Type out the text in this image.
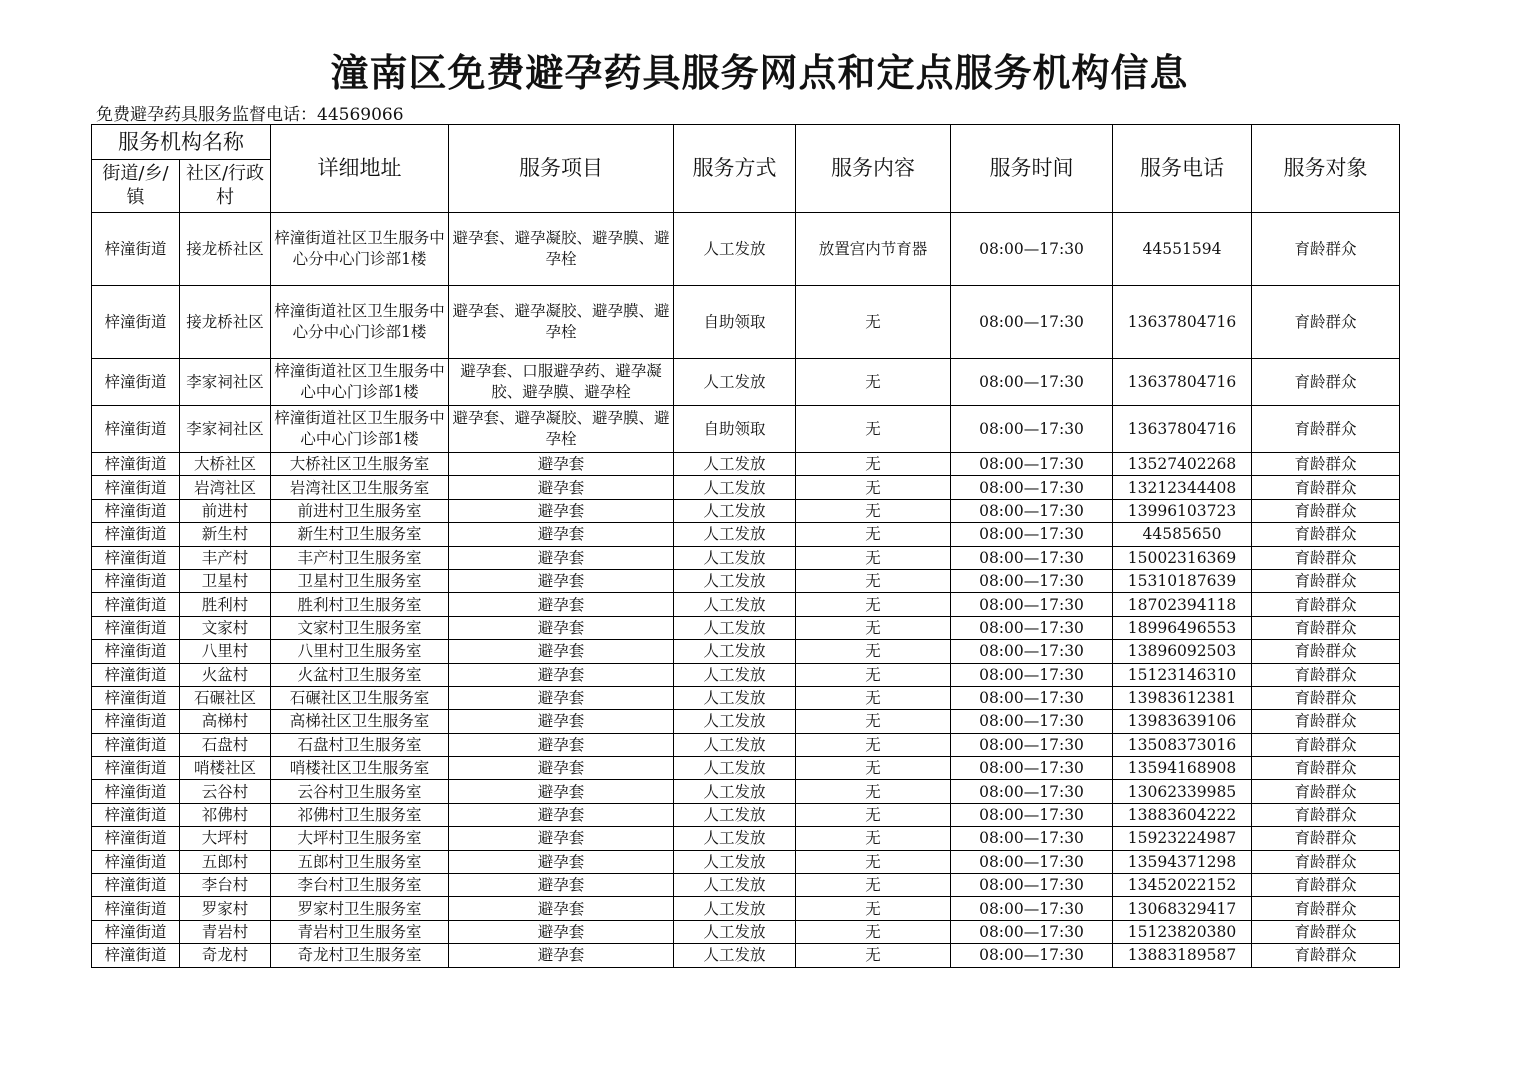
潼南区免费避孕药具服务网点和定点服务机构信息
免费避孕药具服务监督电话：44569066
服务机构名称		详细地址	服务项目	服务方式	服务内容	服务时间	服务电话	服务对象
街道/乡/镇	社区/行政村							
梓潼街道	接龙桥社区	梓潼街道社区卫生服务中心分中心门诊部1楼	避孕套、避孕凝胶、避孕膜、避孕栓	人工发放	放置宫内节育器	08:00—17:30	44551594	育龄群众
梓潼街道	接龙桥社区	梓潼街道社区卫生服务中心分中心门诊部1楼	避孕套、避孕凝胶、避孕膜、避孕栓	自助领取	无	08:00—17:30	13637804716	育龄群众
梓潼街道	李家祠社区	梓潼街道社区卫生服务中心中心门诊部1楼	避孕套、口服避孕药、避孕凝胶、避孕膜、避孕栓	人工发放	无	08:00—17:30	13637804716	育龄群众
梓潼街道	李家祠社区	梓潼街道社区卫生服务中心中心门诊部1楼	避孕套、避孕凝胶、避孕膜、避孕栓	自助领取	无	08:00—17:30	13637804716	育龄群众
梓潼街道	大桥社区	大桥社区卫生服务室	避孕套	人工发放	无	08:00—17:30	13527402268	育龄群众
梓潼街道	岩湾社区	岩湾社区卫生服务室	避孕套	人工发放	无	08:00—17:30	13212344408	育龄群众
梓潼街道	前进村	前进村卫生服务室	避孕套	人工发放	无	08:00—17:30	13996103723	育龄群众
梓潼街道	新生村	新生村卫生服务室	避孕套	人工发放	无	08:00—17:30	44585650	育龄群众
梓潼街道	丰产村	丰产村卫生服务室	避孕套	人工发放	无	08:00—17:30	15002316369	育龄群众
梓潼街道	卫星村	卫星村卫生服务室	避孕套	人工发放	无	08:00—17:30	15310187639	育龄群众
梓潼街道	胜利村	胜利村卫生服务室	避孕套	人工发放	无	08:00—17:30	18702394118	育龄群众
梓潼街道	文家村	文家村卫生服务室	避孕套	人工发放	无	08:00—17:30	18996496553	育龄群众
梓潼街道	八里村	八里村卫生服务室	避孕套	人工发放	无	08:00—17:30	13896092503	育龄群众
梓潼街道	火盆村	火盆村卫生服务室	避孕套	人工发放	无	08:00—17:30	15123146310	育龄群众
梓潼街道	石碾社区	石碾社区卫生服务室	避孕套	人工发放	无	08:00—17:30	13983612381	育龄群众
梓潼街道	高梯村	高梯社区卫生服务室	避孕套	人工发放	无	08:00—17:30	13983639106	育龄群众
梓潼街道	石盘村	石盘村卫生服务室	避孕套	人工发放	无	08:00—17:30	13508373016	育龄群众
梓潼街道	哨楼社区	哨楼社区卫生服务室	避孕套	人工发放	无	08:00—17:30	13594168908	育龄群众
梓潼街道	云谷村	云谷村卫生服务室	避孕套	人工发放	无	08:00—17:30	13062339985	育龄群众
梓潼街道	祁佛村	祁佛村卫生服务室	避孕套	人工发放	无	08:00—17:30	13883604222	育龄群众
梓潼街道	大坪村	大坪村卫生服务室	避孕套	人工发放	无	08:00—17:30	15923224987	育龄群众
梓潼街道	五郎村	五郎村卫生服务室	避孕套	人工发放	无	08:00—17:30	13594371298	育龄群众
梓潼街道	李台村	李台村卫生服务室	避孕套	人工发放	无	08:00—17:30	13452022152	育龄群众
梓潼街道	罗家村	罗家村卫生服务室	避孕套	人工发放	无	08:00—17:30	13068329417	育龄群众
梓潼街道	青岩村	青岩村卫生服务室	避孕套	人工发放	无	08:00—17:30	15123820380	育龄群众
梓潼街道	奇龙村	奇龙村卫生服务室	避孕套	人工发放	无	08:00—17:30	13883189587	育龄群众
